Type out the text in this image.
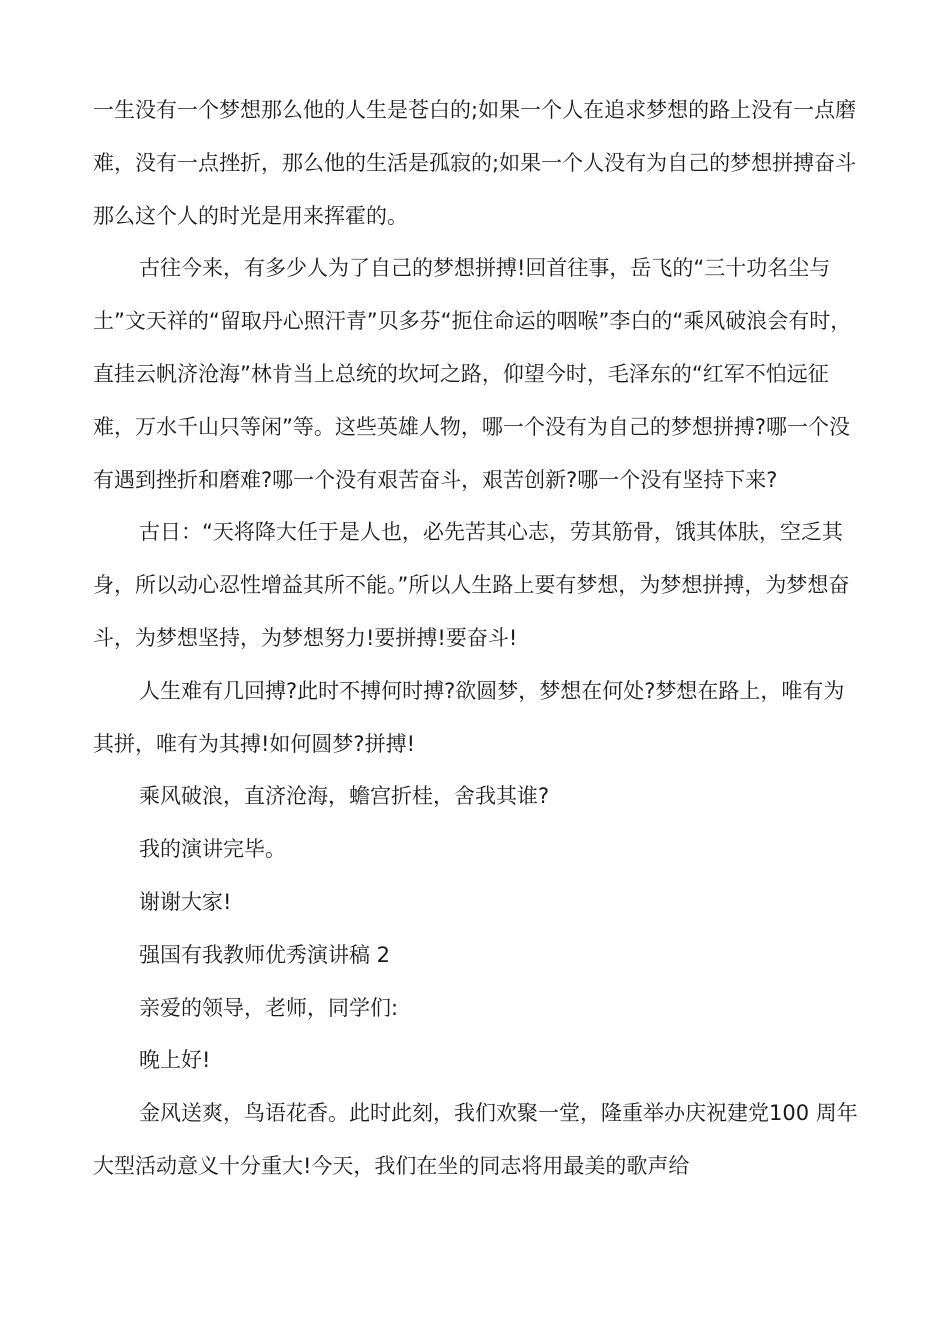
一生没有一个梦想那么他的人生是苍白的;如果一个人在追求梦想的路上没有一点磨难，没有一点挫折，那么他的生活是孤寂的;如果一个人没有为自己的梦想拼搏奋斗那么这个人的时光是用来挥霍的。

古往今来，有多少人为了自己的梦想拼搏!回首往事，岳飞的“三十功名尘与土”文天祥的“留取丹心照汗青”贝多芬“扼住命运的咽喉”李白的“乘风破浪会有时，直挂云帆济沧海”林肯当上总统的坎坷之路，仰望今时，毛泽东的“红军不怕远征难，万水千山只等闲”等。这些英雄人物，哪一个没有为自己的梦想拼搏?哪一个没有遇到挫折和磨难?哪一个没有艰苦奋斗，艰苦创新?哪一个没有坚持下来?

古日：“天将降大任于是人也，必先苦其心志，劳其筋骨，饿其体肤，空乏其身，所以动心忍性增益其所不能。”所以人生路上要有梦想，为梦想拼搏，为梦想奋斗，为梦想坚持，为梦想努力!要拼搏!要奋斗!

人生难有几回搏?此时不搏何时搏?欲圆梦，梦想在何处?梦想在路上，唯有为其拼，唯有为其搏!如何圆梦?拼搏!

乘风破浪，直济沧海，蟾宫折桂，舍我其谁?

我的演讲完毕。

谢谢大家!

强国有我教师优秀演讲稿 2

亲爱的领导，老师，同学们:

晚上好!

金风送爽，鸟语花香。此时此刻，我们欢聚一堂，隆重举办庆祝建党100 周年大型活动意义十分重大!今天，我们在坐的同志将用最美的歌声给
